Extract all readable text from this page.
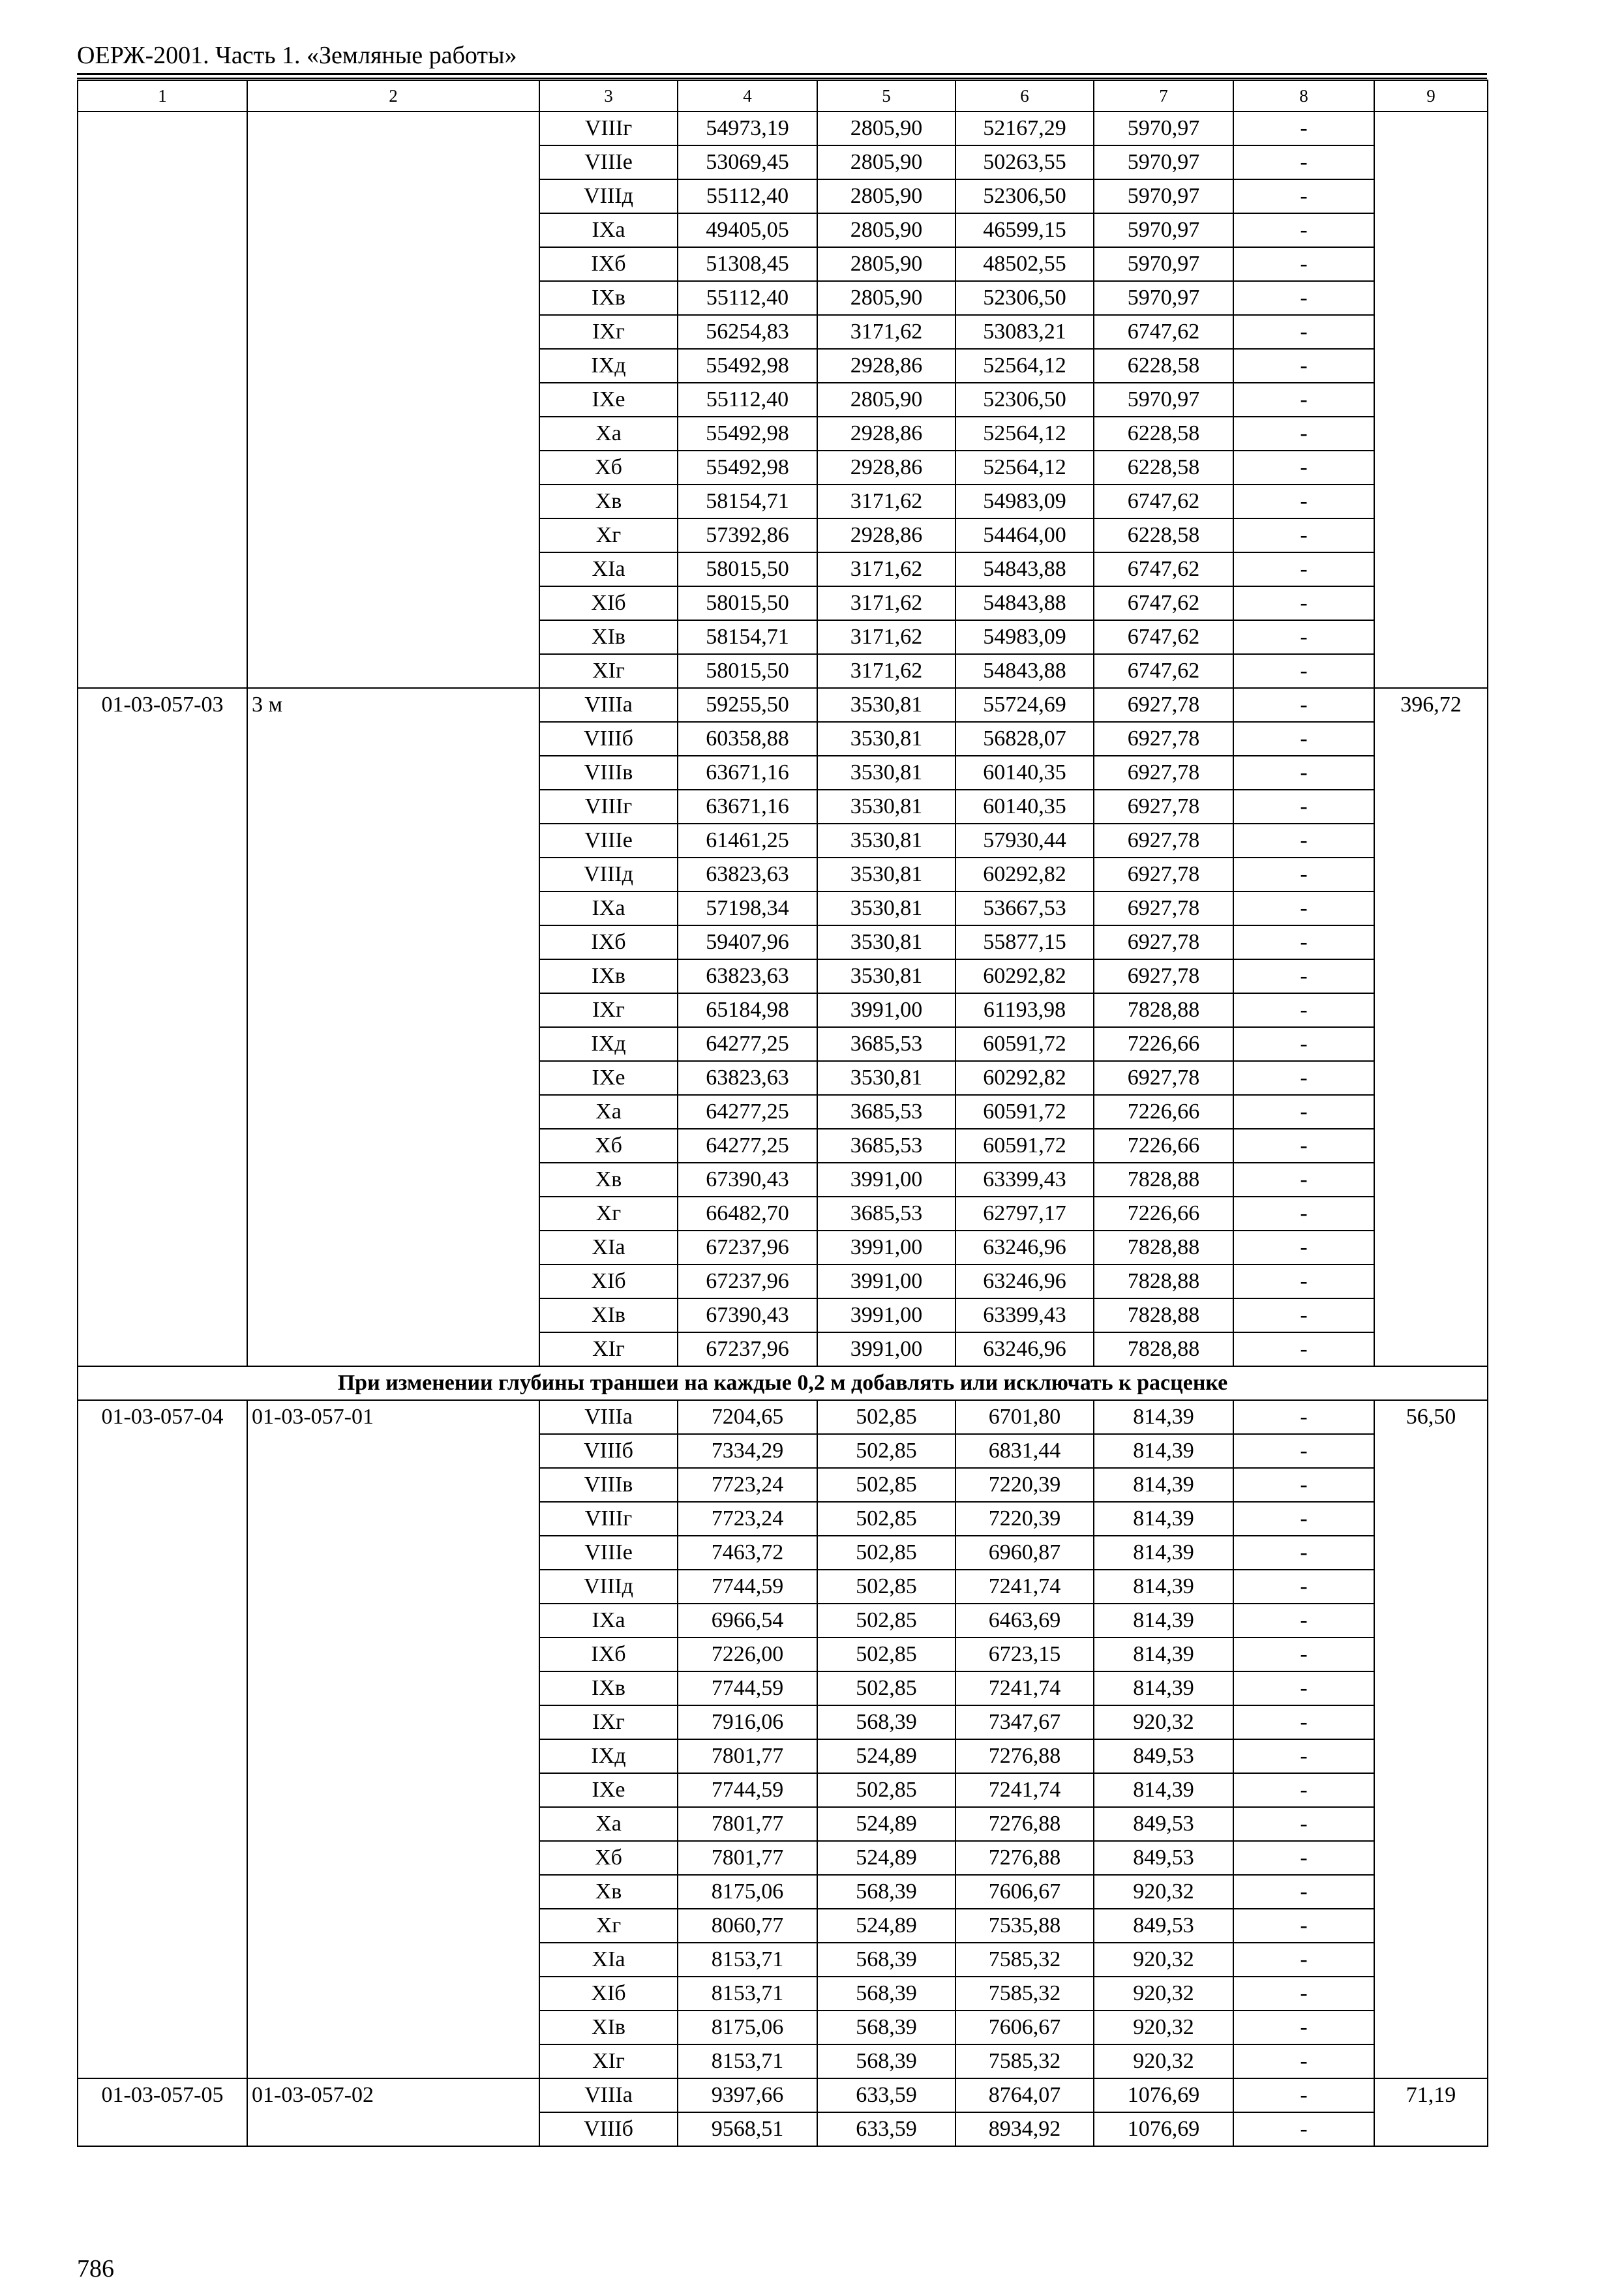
ОЕРЖ-2001. Часть 1. «Земляные работы»
1	2	3	4	5	6	7	8	9
		VIIIг	54973,19	2805,90	52167,29	5970,97	-	
		VIIIе	53069,45	2805,90	50263,55	5970,97	-	
		VIIIд	55112,40	2805,90	52306,50	5970,97	-	
		IXа	49405,05	2805,90	46599,15	5970,97	-	
		IXб	51308,45	2805,90	48502,55	5970,97	-	
		IXв	55112,40	2805,90	52306,50	5970,97	-	
		IXг	56254,83	3171,62	53083,21	6747,62	-	
		IXд	55492,98	2928,86	52564,12	6228,58	-	
		IXе	55112,40	2805,90	52306,50	5970,97	-	
		Xа	55492,98	2928,86	52564,12	6228,58	-	
		Xб	55492,98	2928,86	52564,12	6228,58	-	
		Xв	58154,71	3171,62	54983,09	6747,62	-	
		Xг	57392,86	2928,86	54464,00	6228,58	-	
		XIа	58015,50	3171,62	54843,88	6747,62	-	
		XIб	58015,50	3171,62	54843,88	6747,62	-	
		XIв	58154,71	3171,62	54983,09	6747,62	-	
		XIг	58015,50	3171,62	54843,88	6747,62	-	
01-03-057-03	3 м	VIIIа	59255,50	3530,81	55724,69	6927,78	-	396,72
		VIIIб	60358,88	3530,81	56828,07	6927,78	-	
		VIIIв	63671,16	3530,81	60140,35	6927,78	-	
		VIIIг	63671,16	3530,81	60140,35	6927,78	-	
		VIIIе	61461,25	3530,81	57930,44	6927,78	-	
		VIIIд	63823,63	3530,81	60292,82	6927,78	-	
		IXа	57198,34	3530,81	53667,53	6927,78	-	
		IXб	59407,96	3530,81	55877,15	6927,78	-	
		IXв	63823,63	3530,81	60292,82	6927,78	-	
		IXг	65184,98	3991,00	61193,98	7828,88	-	
		IXд	64277,25	3685,53	60591,72	7226,66	-	
		IXе	63823,63	3530,81	60292,82	6927,78	-	
		Xа	64277,25	3685,53	60591,72	7226,66	-	
		Xб	64277,25	3685,53	60591,72	7226,66	-	
		Xв	67390,43	3991,00	63399,43	7828,88	-	
		Xг	66482,70	3685,53	62797,17	7226,66	-	
		XIа	67237,96	3991,00	63246,96	7828,88	-	
		XIб	67237,96	3991,00	63246,96	7828,88	-	
		XIв	67390,43	3991,00	63399,43	7828,88	-	
		XIг	67237,96	3991,00	63246,96	7828,88	-	
При изменении глубины траншеи на каждые 0,2 м добавлять или исключать к расценке								
01-03-057-04	01-03-057-01	VIIIа	7204,65	502,85	6701,80	814,39	-	56,50
		VIIIб	7334,29	502,85	6831,44	814,39	-	
		VIIIв	7723,24	502,85	7220,39	814,39	-	
		VIIIг	7723,24	502,85	7220,39	814,39	-	
		VIIIе	7463,72	502,85	6960,87	814,39	-	
		VIIIд	7744,59	502,85	7241,74	814,39	-	
		IXа	6966,54	502,85	6463,69	814,39	-	
		IXб	7226,00	502,85	6723,15	814,39	-	
		IXв	7744,59	502,85	7241,74	814,39	-	
		IXг	7916,06	568,39	7347,67	920,32	-	
		IXд	7801,77	524,89	7276,88	849,53	-	
		IXе	7744,59	502,85	7241,74	814,39	-	
		Xа	7801,77	524,89	7276,88	849,53	-	
		Xб	7801,77	524,89	7276,88	849,53	-	
		Xв	8175,06	568,39	7606,67	920,32	-	
		Xг	8060,77	524,89	7535,88	849,53	-	
		XIа	8153,71	568,39	7585,32	920,32	-	
		XIб	8153,71	568,39	7585,32	920,32	-	
		XIв	8175,06	568,39	7606,67	920,32	-	
		XIг	8153,71	568,39	7585,32	920,32	-	
01-03-057-05	01-03-057-02	VIIIа	9397,66	633,59	8764,07	1076,69	-	71,19
		VIIIб	9568,51	633,59	8934,92	1076,69	-	
786
